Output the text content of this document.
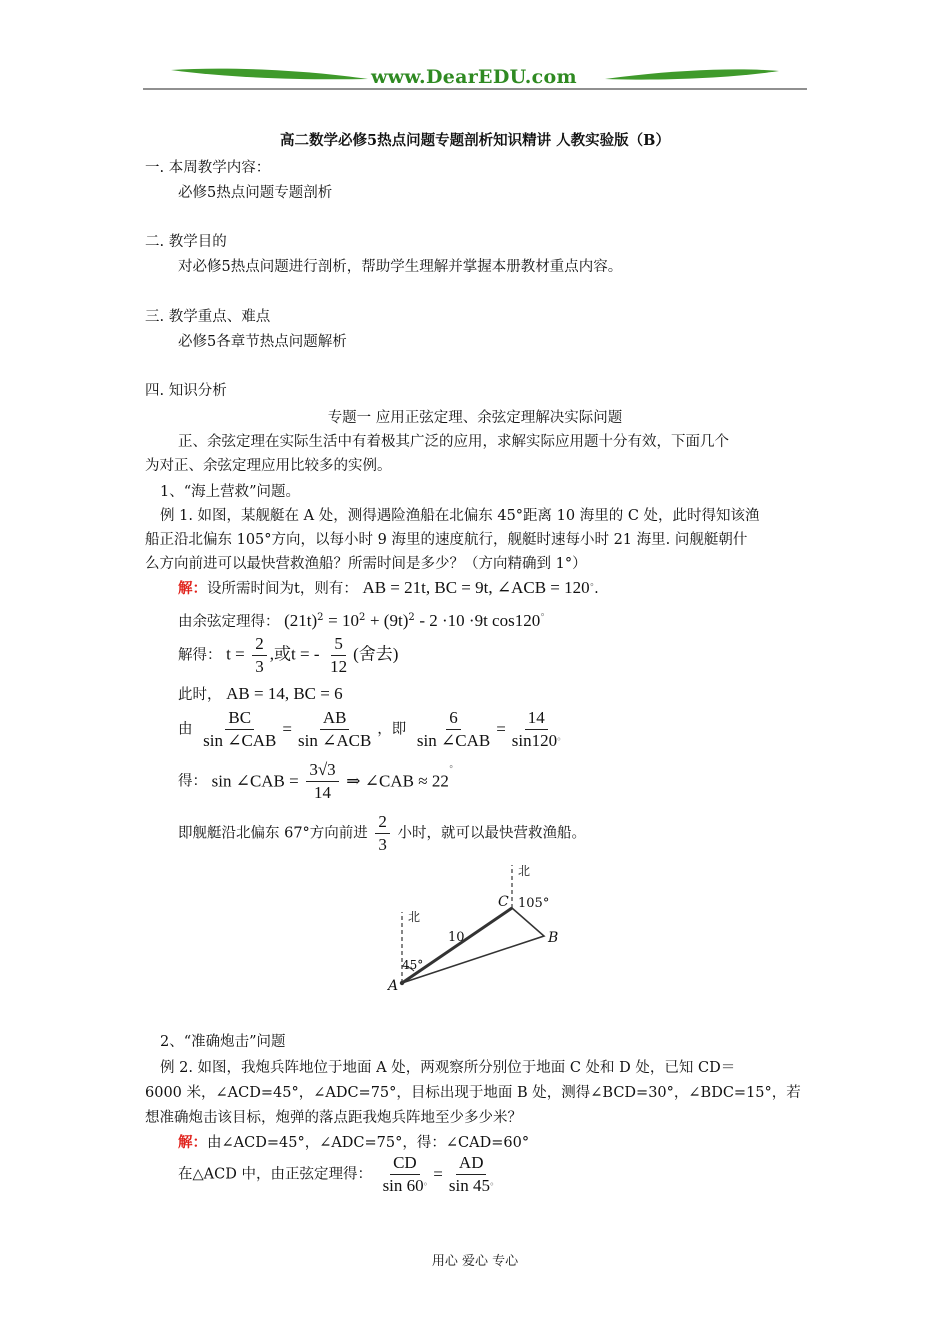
www.DearEDU.com
高二数学必修5热点问题专题剖析知识精讲 人教实验版（B）
一. 本周教学内容：
必修5热点问题专题剖析
二. 教学目的
对必修5热点问题进行剖析，帮助学生理解并掌握本册教材重点内容。
三. 教学重点、难点
必修5各章节热点问题解析
四. 知识分析
专题一 应用正弦定理、余弦定理解决实际问题
正、余弦定理在实际生活中有着极其广泛的应用，求解实际应用题十分有效，下面几个
为对正、余弦定理应用比较多的实例。
1、“海上营救”问题。
例 1. 如图，某舰艇在 A 处，测得遇险渔船在北偏东 45°距离 10 海里的 C 处，此时得知该渔
船正沿北偏东 105°方向，以每小时 9 海里的速度航行，舰艇时速每小时 21 海里. 问舰艇朝什
么方向前进可以最快营救渔船？所需时间是多少？（方向精确到 1°）
解：设所需时间为t，则有： AB = 21t, BC = 9t, ∠ACB = 120°.
由余弦定理得： $(21t)^2 = 10^2 + (9t)^2 - 2 \cdot 10 \cdot 9t$ cos120°
解得： $t = \frac{2}{3}$ ,或t = - $\frac{5}{12}$ (舍去)
此时， AB = 14, BC = 6
由 $\frac{BC}{\text{sin ∠CAB}} = \frac{AB}{\text{sin ∠ACB}}$ ，即 $\frac{6}{\text{sin ∠CAB}} = \frac{14}{\sin 120^\circ}$
得： sin ∠CAB = $\frac{3√3}{14}$ ⇒ ∠CAB ≈ 22°
即舰艇沿北偏东 67°方向前进 $\frac{2}{3}$ 小时，就可以最快营救渔船。
北
北
C 105°
10	B
45°
A
2、“准确炮击”问题
例 2. 如图，我炮兵阵地位于地面 A 处，两观察所分别位于地面 C 处和 D 处，已知 CD＝
6000 米，∠ACD=45°，∠ADC=75°，目标出现于地面 B 处，测得∠BCD=30°，∠BDC=15°，若
想准确炮击该目标，炮弹的落点距我炮兵阵地至少多少米？
解：由∠ACD=45°，∠ADC=75°，得：∠CAD=60°
在△ACD 中，由正弦定理得： $\frac{CD}{\sin 60^\circ} = \frac{AD}{\sin 45^\circ}$
用心 爱心 专心
